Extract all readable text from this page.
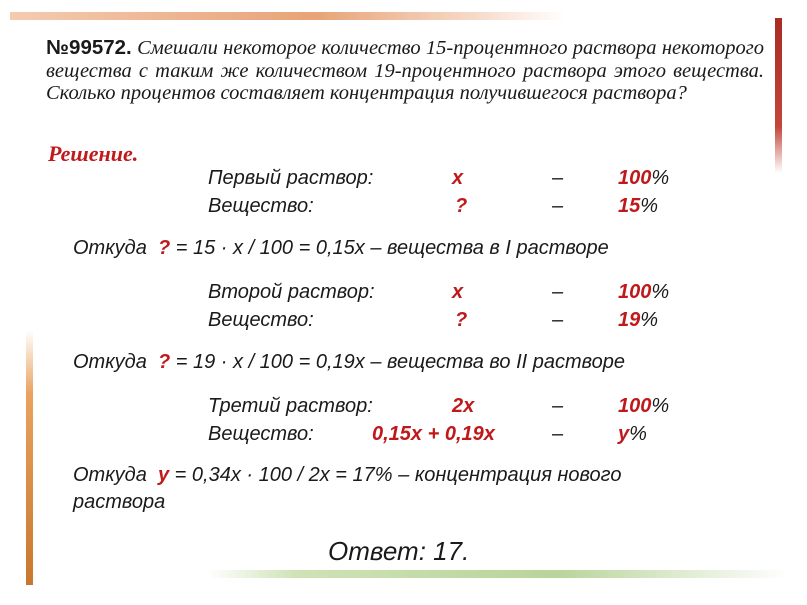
№99572. Смешали некоторое количество 15-процентного раствора некоторого вещества с таким же количеством 19-процентного раствора этого вещества. Сколько процентов составляет концентрация получившегося раствора?
Решение.
Первый раствор:	x	–	100%
Вещество:	?	–	15%
Откуда ? = 15 · x / 100 = 0,15x – вещества в I растворе
Второй раствор:	x	–	100%
Вещество:	?	–	19%
Откуда ? = 19 · x / 100 = 0,19x – вещества во II растворе
Третий раствор:	2x	–	100%
Вещество:	0,15x + 0,19x	–	y%
Откуда y = 0,34x · 100 / 2x = 17% – концентрация нового
раствора
Ответ: 17.
